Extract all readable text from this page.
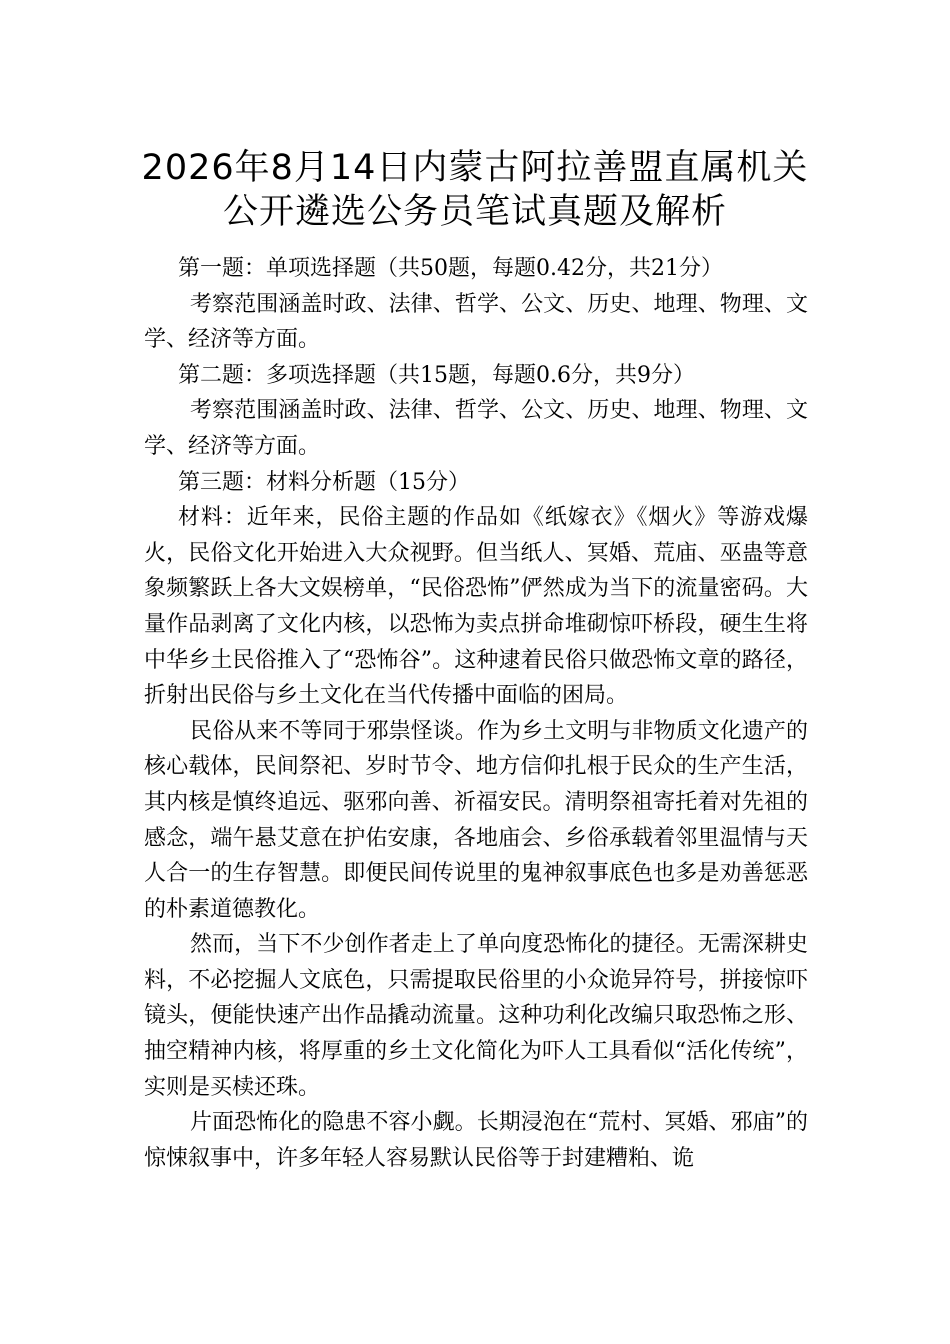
2026年8月14日内蒙古阿拉善盟直属机关
公开遴选公务员笔试真题及解析

第一题：单项选择题（共50题，每题0.42分，共21分）

考察范围涵盖时政、法律、哲学、公文、历史、地理、物理、文学、经济等方面。

第二题：多项选择题（共15题，每题0.6分，共9分）

考察范围涵盖时政、法律、哲学、公文、历史、地理、物理、文学、经济等方面。

第三题：材料分析题（15分）

材料：近年来，民俗主题的作品如《纸嫁衣》《烟火》等游戏爆火，民俗文化开始进入大众视野。但当纸人、冥婚、荒庙、巫蛊等意象频繁跃上各大文娱榜单，“民俗恐怖”俨然成为当下的流量密码。大量作品剥离了文化内核，以恐怖为卖点拼命堆砌惊吓桥段，硬生生将中华乡土民俗推入了“恐怖谷”。这种逮着民俗只做恐怖文章的路径，折射出民俗与乡土文化在当代传播中面临的困局。

民俗从来不等同于邪祟怪谈。作为乡土文明与非物质文化遗产的核心载体，民间祭祀、岁时节令、地方信仰扎根于民众的生产生活，其内核是慎终追远、驱邪向善、祈福安民。清明祭祖寄托着对先祖的感念，端午悬艾意在护佑安康，各地庙会、乡俗承载着邻里温情与天人合一的生存智慧。即便民间传说里的鬼神叙事底色也多是劝善惩恶的朴素道德教化。

然而，当下不少创作者走上了单向度恐怖化的捷径。无需深耕史料，不必挖掘人文底色，只需提取民俗里的小众诡异符号，拼接惊吓镜头，便能快速产出作品撬动流量。这种功利化改编只取恐怖之形、抽空精神内核，将厚重的乡土文化简化为吓人工具看似“活化传统”，实则是买椟还珠。

片面恐怖化的隐患不容小觑。长期浸泡在“荒村、冥婚、邪庙”的惊悚叙事中，许多年轻人容易默认民俗等于封建糟粕、诡
